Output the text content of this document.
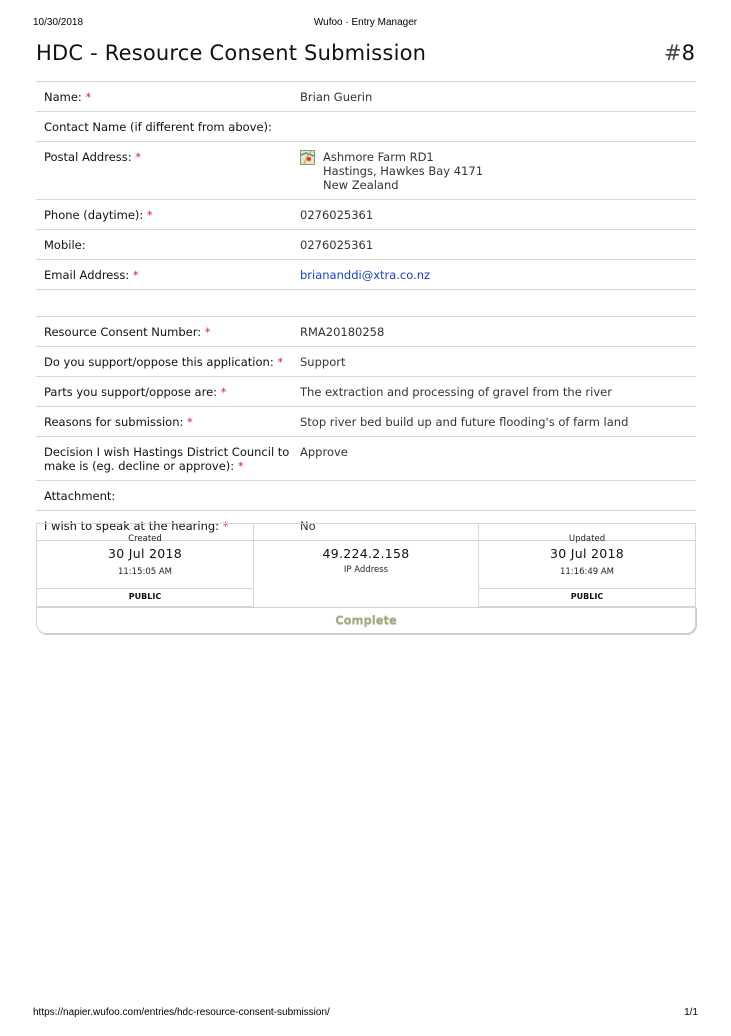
10/30/2018	Wufoo · Entry Manager
HDC - Resource Consent Submission	#8
Name: *	Brian Guerin
Contact Name (if different from above):
Postal Address: *	Ashmore Farm RD1
Hastings, Hawkes Bay 4171
New Zealand
Phone (daytime): *	0276025361
Mobile:	0276025361
Email Address: *	briananddi@xtra.co.nz
Resource Consent Number: *	RMA20180258
Do you support/oppose this application: *	Support
Parts you support/oppose are: *	The extraction and processing of gravel from the river
Reasons for submission: *	Stop river bed build up and future flooding's of farm land
Decision I wish Hastings District Council to
make is (eg. decline or approve): *
Approve
Attachment:
I wish to speak at the hearing: *	No
Created
30 Jul 2018
11:15:05 AM
PUBLIC
49.224.2.158
IP Address
Updated
30 Jul 2018
11:16:49 AM
PUBLIC
Complete
https://napier.wufoo.com/entries/hdc-resource-consent-submission/	1/1
